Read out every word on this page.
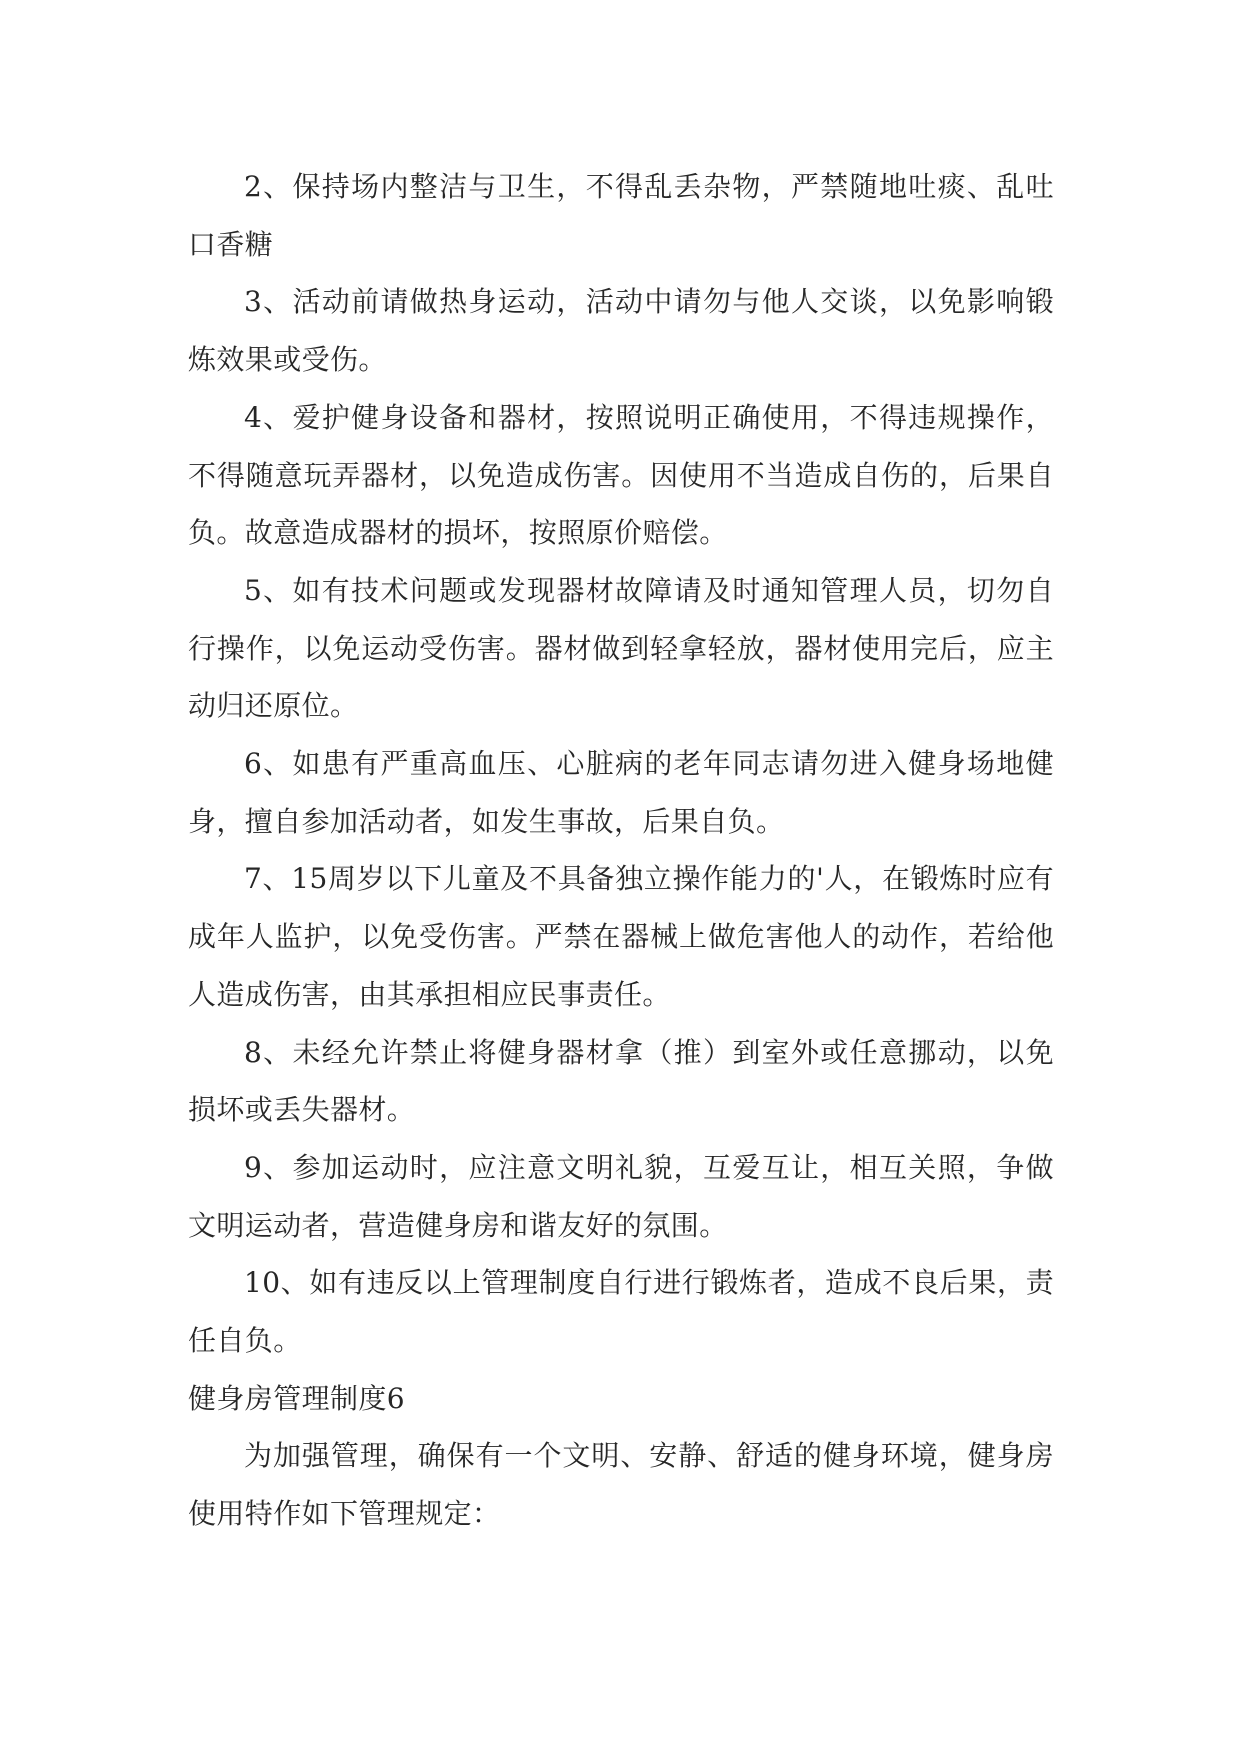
2、保持场内整洁与卫生，不得乱丢杂物，严禁随地吐痰、乱吐口香糖

3、活动前请做热身运动，活动中请勿与他人交谈，以免影响锻炼效果或受伤。

4、爱护健身设备和器材，按照说明正确使用，不得违规操作，不得随意玩弄器材，以免造成伤害。因使用不当造成自伤的，后果自负。故意造成器材的损坏，按照原价赔偿。

5、如有技术问题或发现器材故障请及时通知管理人员，切勿自行操作，以免运动受伤害。器材做到轻拿轻放，器材使用完后，应主动归还原位。

6、如患有严重高血压、心脏病的老年同志请勿进入健身场地健身，擅自参加活动者，如发生事故，后果自负。

7、15周岁以下儿童及不具备独立操作能力的'人，在锻炼时应有成年人监护，以免受伤害。严禁在器械上做危害他人的动作，若给他人造成伤害，由其承担相应民事责任。

8、未经允许禁止将健身器材拿（推）到室外或任意挪动，以免损坏或丢失器材。

9、参加运动时，应注意文明礼貌，互爱互让，相互关照，争做文明运动者，营造健身房和谐友好的氛围。

10、如有违反以上管理制度自行进行锻炼者，造成不良后果，责任自负。

健身房管理制度6

为加强管理，确保有一个文明、安静、舒适的健身环境，健身房使用特作如下管理规定：
